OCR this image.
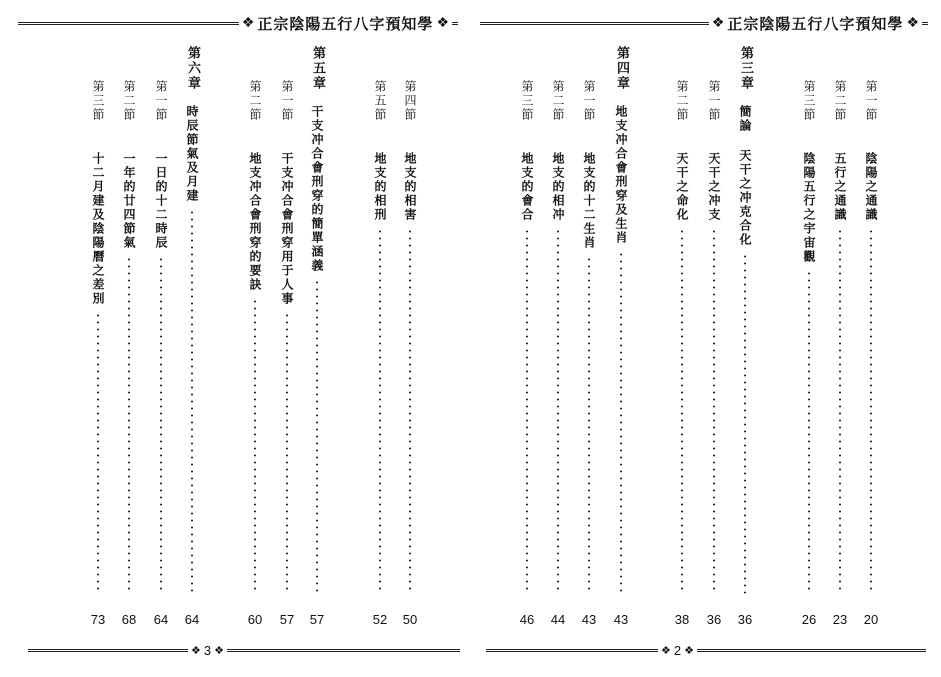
❖ 正宗陰陽五行八字預知學 ❖
第四節
地支的相害
50
第五節
地支的相刑
52
第五章
干支冲合會刑穿的簡單涵義
57
第一節
干支冲合會刑穿用于人事
57
第二節
地支冲合會刑穿的要訣
60
第六章
時辰節氣及月建
64
第一節
一日的十二時辰
64
第二節
一年的廿四節氣
68
第三節
十二月建及陰陽曆之差別
73
❖ 3 ❖
❖ 正宗陰陽五行八字預知學 ❖
第一節
陰陽之通識
20
第二節
五行之通識
23
第三節
陰陽五行之宇宙觀
26
第三章
簡論 天干之冲克合化
36
第一節
天干之冲支
36
第二節
天干之命化
38
第四章
地支冲合會刑穿及生肖
43
第一節
地支的十二生肖
43
第二節
地支的相冲
44
第三節
地支的會合
46
❖ 2 ❖
